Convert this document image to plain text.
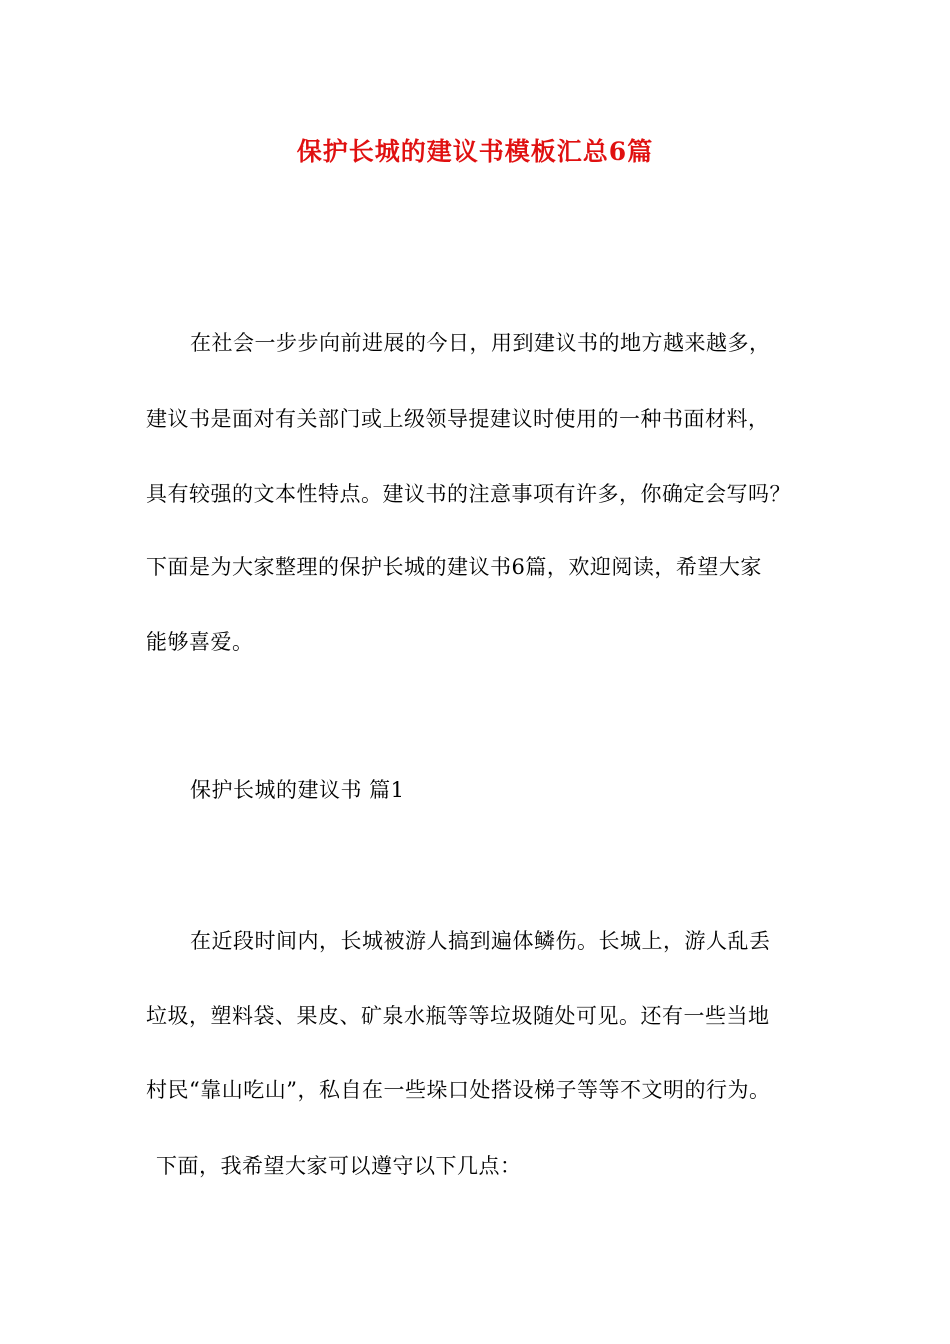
保护长城的建议书模板汇总6篇
在社会一步步向前进展的今日，用到建议书的地方越来越多，
建议书是面对有关部门或上级领导提建议时使用的一种书面材料，
具有较强的文本性特点。建议书的注意事项有许多，你确定会写吗？
下面是为大家整理的保护长城的建议书6篇，欢迎阅读，希望大家
能够喜爱。
保护长城的建议书 篇1
在近段时间内，长城被游人搞到遍体鳞伤。长城上，游人乱丢
垃圾，塑料袋、果皮、矿泉水瓶等等垃圾随处可见。还有一些当地
村民“靠山吃山”，私自在一些垛口处搭设梯子等等不文明的行为。
下面，我希望大家可以遵守以下几点：
